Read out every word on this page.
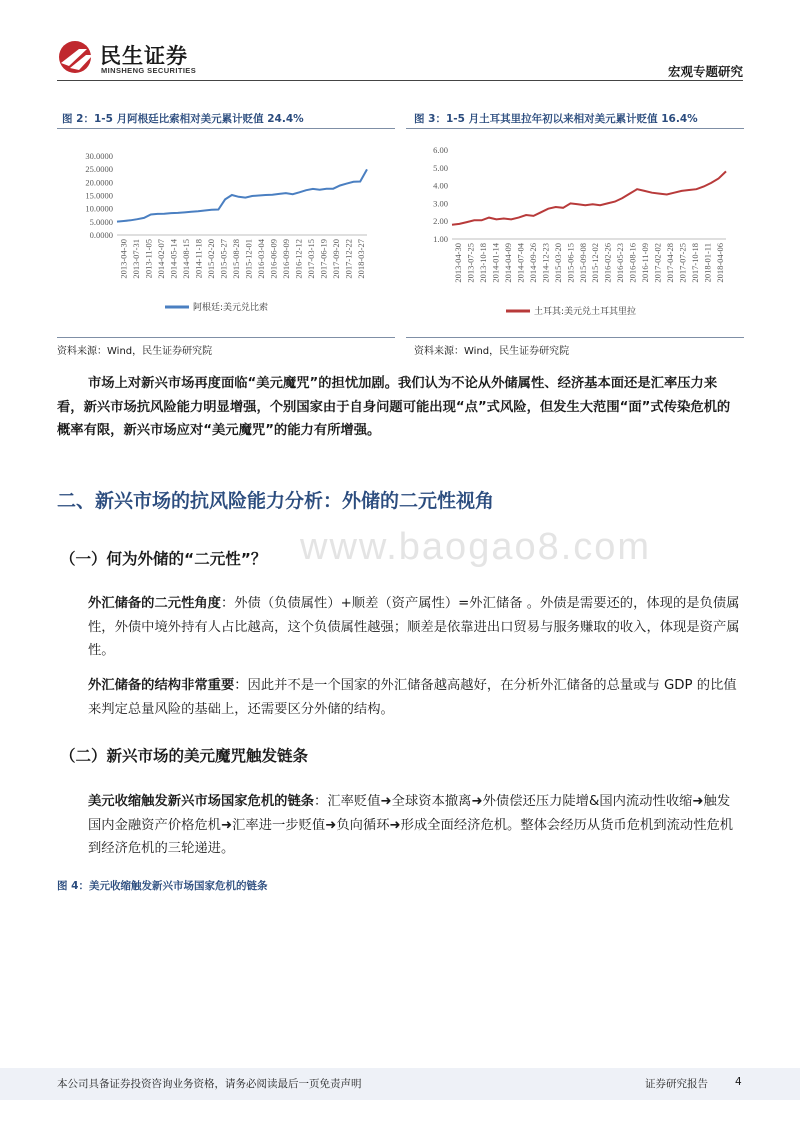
民生证券
MINSHENG SECURITIES	宏观专题研究
图 2：1-5 月阿根廷比索相对美元累计贬值 24.4%
0.0000
5.0000
10.0000
15.0000
20.0000
25.0000
30.0000
2013-04-30 2013-07-31 2013-11-05 2014-02-07 2014-05-14 2014-08-15 2014-11-18 2015-02-20 2015-05-27 2015-08-28 2015-12-01 2016-03-04 2016-06-09 2016-09-09 2016-12-12 2017-03-15 2017-06-19 2017-09-20 2017-12-22 2018-03-27
阿根廷:美元兑比索
资料来源：Wind，民生证券研究院
图 3：1-5 月土耳其里拉年初以来相对美元累计贬值 16.4%
1.00
2.00
3.00
4.00
5.00
6.00
2013-04-30 2013-07-25 2013-10-18 2014-01-14 2014-04-09 2014-07-04 2014-09-26 2014-12-23 2015-03-20 2015-06-15 2015-09-08 2015-12-02 2016-02-26 2016-05-23 2016-08-16 2016-11-09 2017-02-02 2017-04-28 2017-07-25 2017-10-18 2018-01-11 2018-04-06
土耳其:美元兑土耳其里拉
资料来源：Wind，民生证券研究院

市场上对新兴市场再度面临“美元魔咒”的担忧加剧。我们认为不论从外储属性、经济基本面还是汇率压力来看，新兴市场抗风险能力明显增强，个别国家由于自身问题可能出现“点”式风险，但发生大范围“面”式传染危机的概率有限，新兴市场应对“美元魔咒”的能力有所增强。

二、新兴市场的抗风险能力分析：外储的二元性视角
www.baogao8.com
（一）何为外储的“二元性”？

外汇储备的二元性角度：外债（负债属性）+顺差（资产属性）=外汇储备 。外债是需要还的，体现的是负债属性，外债中境外持有人占比越高，这个负债属性越强；顺差是依靠进出口贸易与服务赚取的收入，体现是资产属性。

外汇储备的结构非常重要：因此并不是一个国家的外汇储备越高越好，在分析外汇储备的总量或与 GDP 的比值来判定总量风险的基础上，还需要区分外储的结构。

（二）新兴市场的美元魔咒触发链条

美元收缩触发新兴市场国家危机的链条：汇率贬值➜全球资本撤离➜外债偿还压力陡增&国内流动性收缩➜触发国内金融资产价格危机➜汇率进一步贬值➜负向循环➜形成全面经济危机。整体会经历从货币危机到流动性危机到经济危机的三轮递进。

图 4：美元收缩触发新兴市场国家危机的链条
本公司具备证券投资咨询业务资格，请务必阅读最后一页免责声明	证券研究报告	4
